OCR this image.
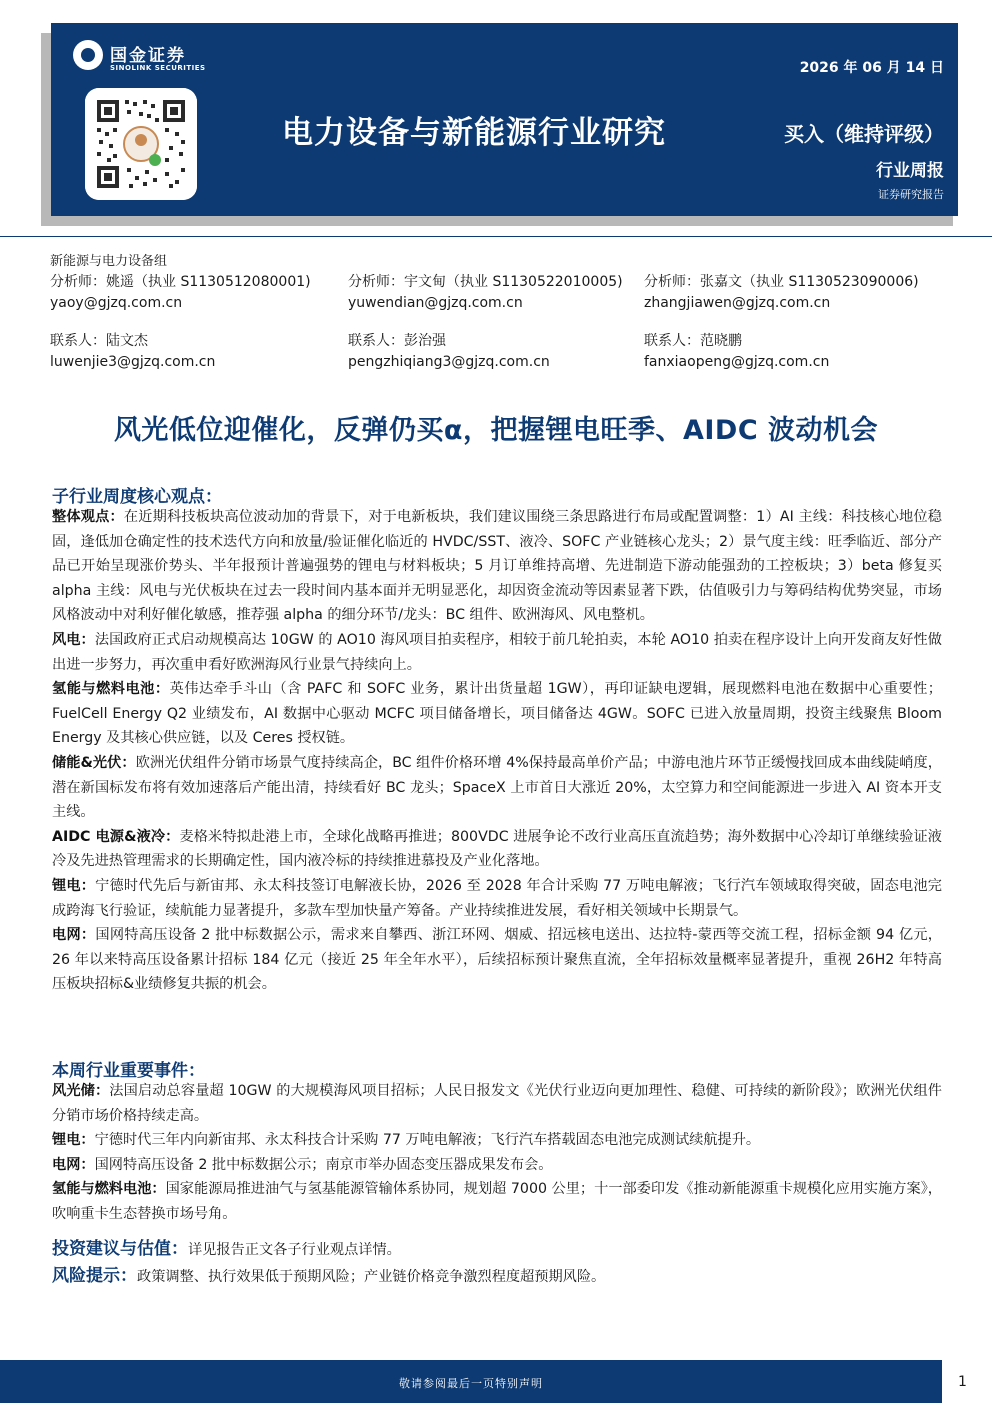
国金证券
SINOLINK SECURITIES	2026 年 06 月 14 日
电力设备与新能源行业研究	买入（维持评级）
行业周报
证券研究报告
新能源与电力设备组
分析师：姚遥（执业 S1130512080001)
yaoy@gjzq.com.cn
分析师：宇文甸（执业 S1130522010005)
yuwendian@gjzq.com.cn
分析师：张嘉文（执业 S1130523090006)
zhangjiawen@gjzq.com.cn
联系人：陆文杰
luwenjie3@gjzq.com.cn
联系人：彭治强
pengzhiqiang3@gjzq.com.cn
联系人：范晓鹏
fanxiaopeng@gjzq.com.cn
风光低位迎催化，反弹仍买α，把握锂电旺季、AIDC 波动机会
子行业周度核心观点：

整体观点：在近期科技板块高位波动加的背景下，对于电新板块，我们建议围绕三条思路进行布局或配置调整：1）AI 主线：科技核心地位稳固，逢低加仓确定性的技术迭代方向和放量/验证催化临近的 HVDC/SST、液冷、SOFC 产业链核心龙头；2）景气度主线：旺季临近、部分产品已开始呈现涨价势头、半年报预计普遍强势的锂电与材料板块；5 月订单维持高增、先进制造下游动能强劲的工控板块；3）beta 修复买 alpha 主线：风电与光伏板块在过去一段时间内基本面并无明显恶化，却因资金流动等因素显著下跌，估值吸引力与筹码结构优势突显，市场风格波动中对利好催化敏感，推荐强 alpha 的细分环节/龙头：BC 组件、欧洲海风、风电整机。

风电：法国政府正式启动规模高达 10GW 的 AO10 海风项目拍卖程序，相较于前几轮拍卖，本轮 AO10 拍卖在程序设计上向开发商友好性做出进一步努力，再次重申看好欧洲海风行业景气持续向上。

氢能与燃料电池：英伟达牵手斗山（含 PAFC 和 SOFC 业务，累计出货量超 1GW），再印证缺电逻辑，展现燃料电池在数据中心重要性；FuelCell Energy Q2 业绩发布，AI 数据中心驱动 MCFC 项目储备增长，项目储备达 4GW。SOFC 已进入放量周期，投资主线聚焦 Bloom Energy 及其核心供应链，以及 Ceres 授权链。

储能&光伏：欧洲光伏组件分销市场景气度持续高企，BC 组件价格环增 4%保持最高单价产品；中游电池片环节正缓慢找回成本曲线陡峭度，潜在新国标发布将有效加速落后产能出清，持续看好 BC 龙头；SpaceX 上市首日大涨近 20%，太空算力和空间能源进一步进入 AI 资本开支主线。

AIDC 电源&液冷：麦格米特拟赴港上市，全球化战略再推进；800VDC 进展争论不改行业高压直流趋势；海外数据中心冷却订单继续验证液冷及先进热管理需求的长期确定性，国内液冷标的持续推进慕投及产业化落地。

锂电：宁德时代先后与新宙邦、永太科技签订电解液长协，2026 至 2028 年合计采购 77 万吨电解液；飞行汽车领域取得突破，固态电池完成跨海飞行验证，续航能力显著提升，多款车型加快量产筹备。产业持续推进发展，看好相关领域中长期景气。

电网：国网特高压设备 2 批中标数据公示，需求来自攀西、浙江环网、烟威、招远核电送出、达拉特-蒙西等交流工程，招标金额 94 亿元，26 年以来特高压设备累计招标 184 亿元（接近 25 年全年水平），后续招标预计聚焦直流，全年招标效量概率显著提升，重视 26H2 年特高压板块招标&业绩修复共振的机会。

本周行业重要事件：

风光储：法国启动总容量超 10GW 的大规模海风项目招标；人民日报发文《光伏行业迈向更加理性、稳健、可持续的新阶段》；欧洲光伏组件分销市场价格持续走高。

锂电：宁德时代三年内向新宙邦、永太科技合计采购 77 万吨电解液；飞行汽车搭载固态电池完成测试续航提升。

电网：国网特高压设备 2 批中标数据公示；南京市举办固态变压器成果发布会。

氢能与燃料电池：国家能源局推进油气与氢基能源管输体系协同，规划超 7000 公里；十一部委印发《推动新能源重卡规模化应用实施方案》，吹响重卡生态替换市场号角。

投资建议与估值：详见报告正文各子行业观点详情。
风险提示：政策调整、执行效果低于预期风险；产业链价格竞争激烈程度超预期风险。
敬请参阅最后一页特别声明	1
